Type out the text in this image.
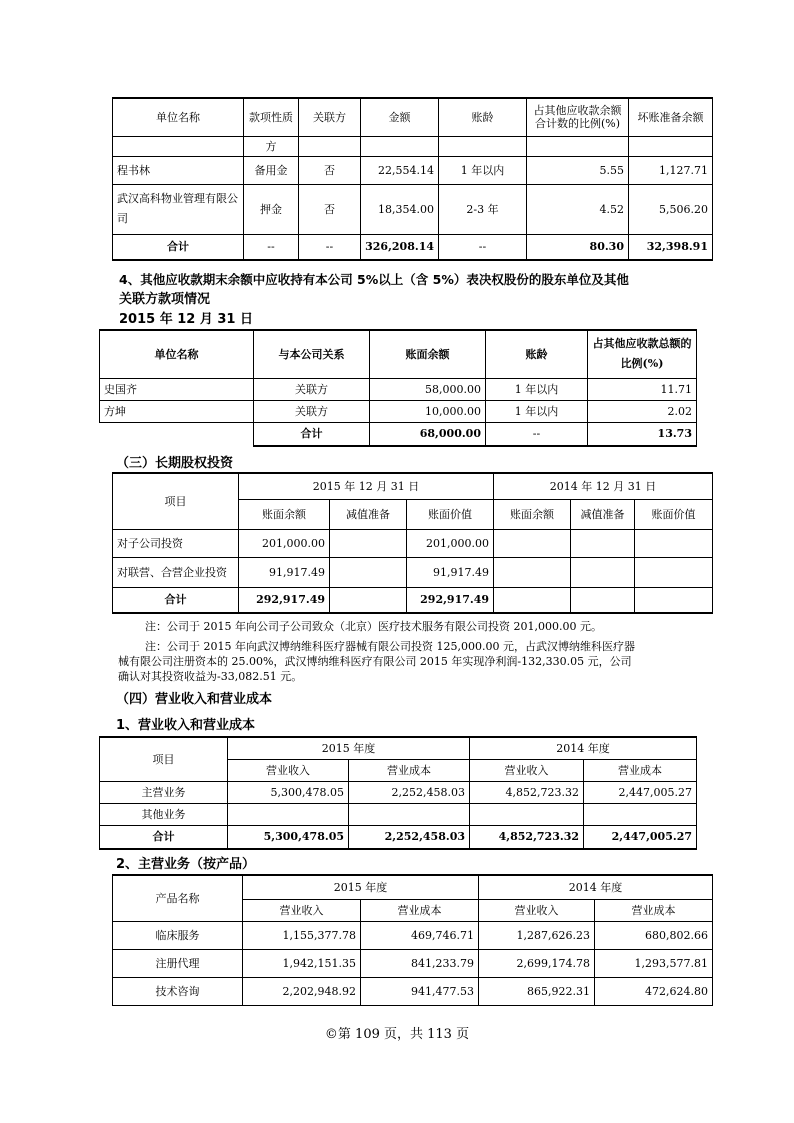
单位名称	款项性质	关联方	金额	账龄	占其他应收款余额合计数的比例(%)	坏账准备余额
	方					
程书林	备用金	否	22,554.14	1 年以内	5.55	1,127.71
武汉高科物业管理有限公司	押金	否	18,354.00	2-3 年	4.52	5,506.20
合计	--	--	326,208.14	--	80.30	32,398.91
4、其他应收款期末余额中应收持有本公司 5%以上（含 5%）表决权股份的股东单位及其他
关联方款项情况
2015 年 12 月 31 日
单位名称	与本公司关系	账面余额	账龄	占其他应收款总额的比例(%)
史国齐	关联方	58,000.00	1 年以内	11.71
方坤	关联方	10,000.00	1 年以内	2.02
	合计	68,000.00	--	13.73
（三）长期股权投资
项目	2015 年 12 月 31 日			2014 年 12 月 31 日		
	账面余额	减值准备	账面价值	账面余额	减值准备	账面价值
对子公司投资	201,000.00		201,000.00			
对联营、合营企业投资	91,917.49		91,917.49			
合计	292,917.49		292,917.49			
注：公司于 2015 年向公司子公司致众（北京）医疗技术服务有限公司投资 201,000.00 元。
注：公司于 2015 年向武汉博纳维科医疗器械有限公司投资 125,000.00 元，占武汉博纳维科医疗器
械有限公司注册资本的 25.00%，武汉博纳维科医疗有限公司 2015 年实现净利润-132,330.05 元，公司
确认对其投资收益为-33,082.51 元。
（四）营业收入和营业成本
1、营业收入和营业成本
项目	2015 年度		2014 年度	
	营业收入	营业成本	营业收入	营业成本
主营业务	5,300,478.05	2,252,458.03	4,852,723.32	2,447,005.27
其他业务				
合计	5,300,478.05	2,252,458.03	4,852,723.32	2,447,005.27
2、主营业务（按产品）
产品名称	2015 年度		2014 年度	
	营业收入	营业成本	营业收入	营业成本
临床服务	1,155,377.78	469,746.71	1,287,626.23	680,802.66
注册代理	1,942,151.35	841,233.79	2,699,174.78	1,293,577.81
技术咨询	2,202,948.92	941,477.53	865,922.31	472,624.80
©第 109 页，共 113 页
